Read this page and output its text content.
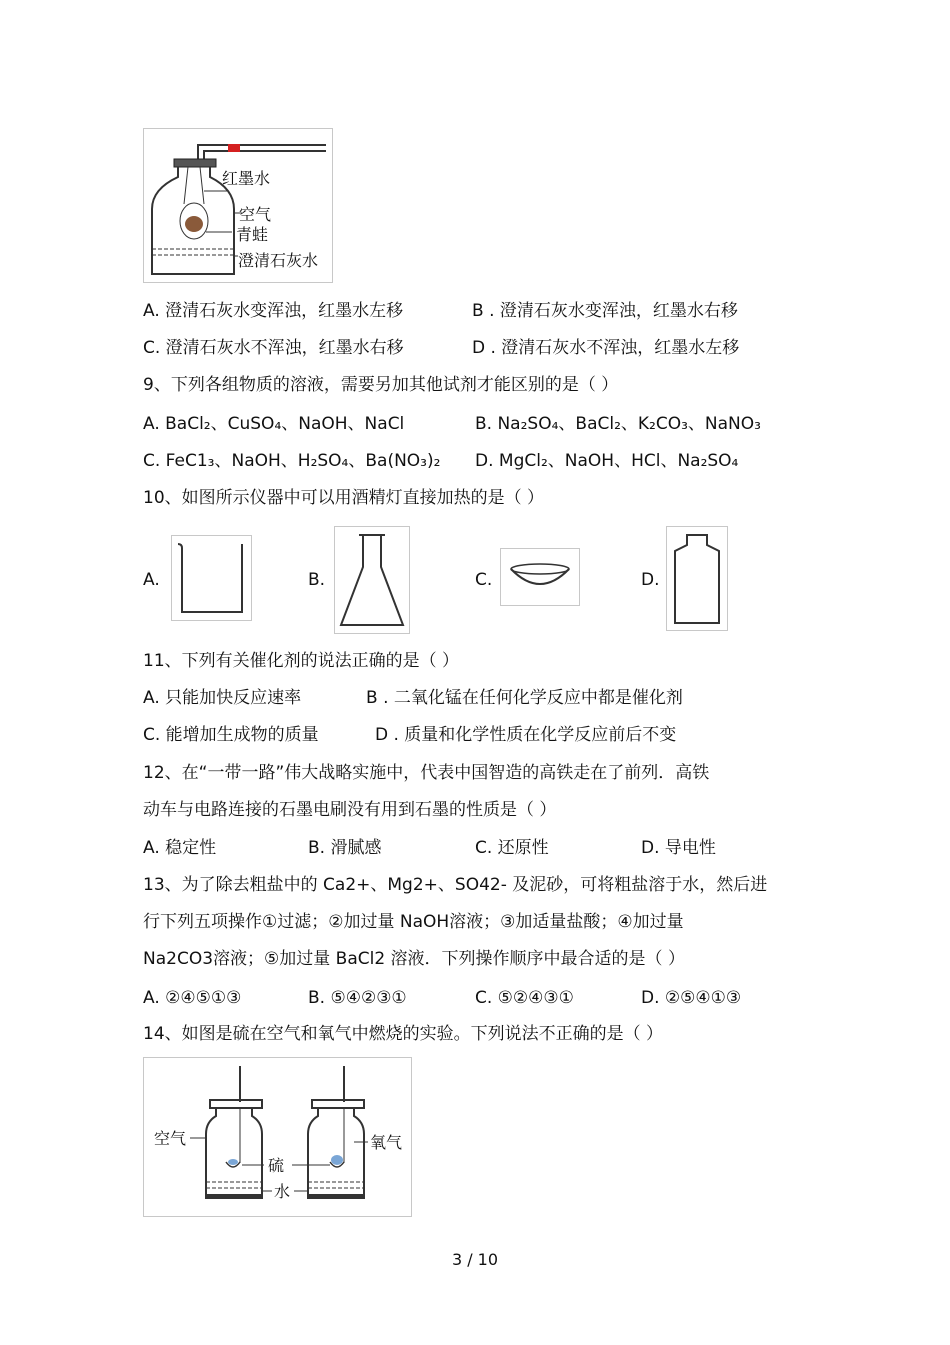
红墨水
空气
青蛙
澄清石灰水
A. 澄清石灰水变浑浊，红墨水左移	B . 澄清石灰水变浑浊，红墨水右移
C. 澄清石灰水不浑浊，红墨水右移	D . 澄清石灰水不浑浊，红墨水左移
9、下列各组物质的溶液，需要另加其他试剂才能区别的是（ ）
A. BaCl₂、CuSO₄、NaOH、NaCl	B. Na₂SO₄、BaCl₂、K₂CO₃、NaNO₃
C. FeC1₃、NaOH、H₂SO₄、Ba(NO₃)₂ D. MgCl₂、NaOH、HCl、Na₂SO₄
10、如图所示仪器中可以用酒精灯直接加热的是（ ）
A.	B.	C.	D.
11、下列有关催化剂的说法正确的是（ ）
A. 只能加快反应速率	B . 二氧化锰在任何化学反应中都是催化剂
C. 能增加生成物的质量	D . 质量和化学性质在化学反应前后不变
12、在“一带一路”伟大战略实施中，代表中国智造的高铁走在了前列．高铁
动车与电路连接的石墨电刷没有用到石墨的性质是（ ）
A. 稳定性	B. 滑腻感	C. 还原性	D. 导电性
13、为了除去粗盐中的 Ca2+、Mg2+、SO42- 及泥砂，可将粗盐溶于水，然后进
行下列五项操作①过滤；②加过量 NaOH溶液；③加适量盐酸；④加过量
Na2CO3溶液；⑤加过量 BaCl2 溶液．下列操作顺序中最合适的是（ ）
A. ②④⑤①③	B. ⑤④②③①	C. ⑤②④③①	D. ②⑤④①③
14、如图是硫在空气和氧气中燃烧的实验。下列说法不正确的是（ ）
空气
硫
氧气
水
3 / 10
